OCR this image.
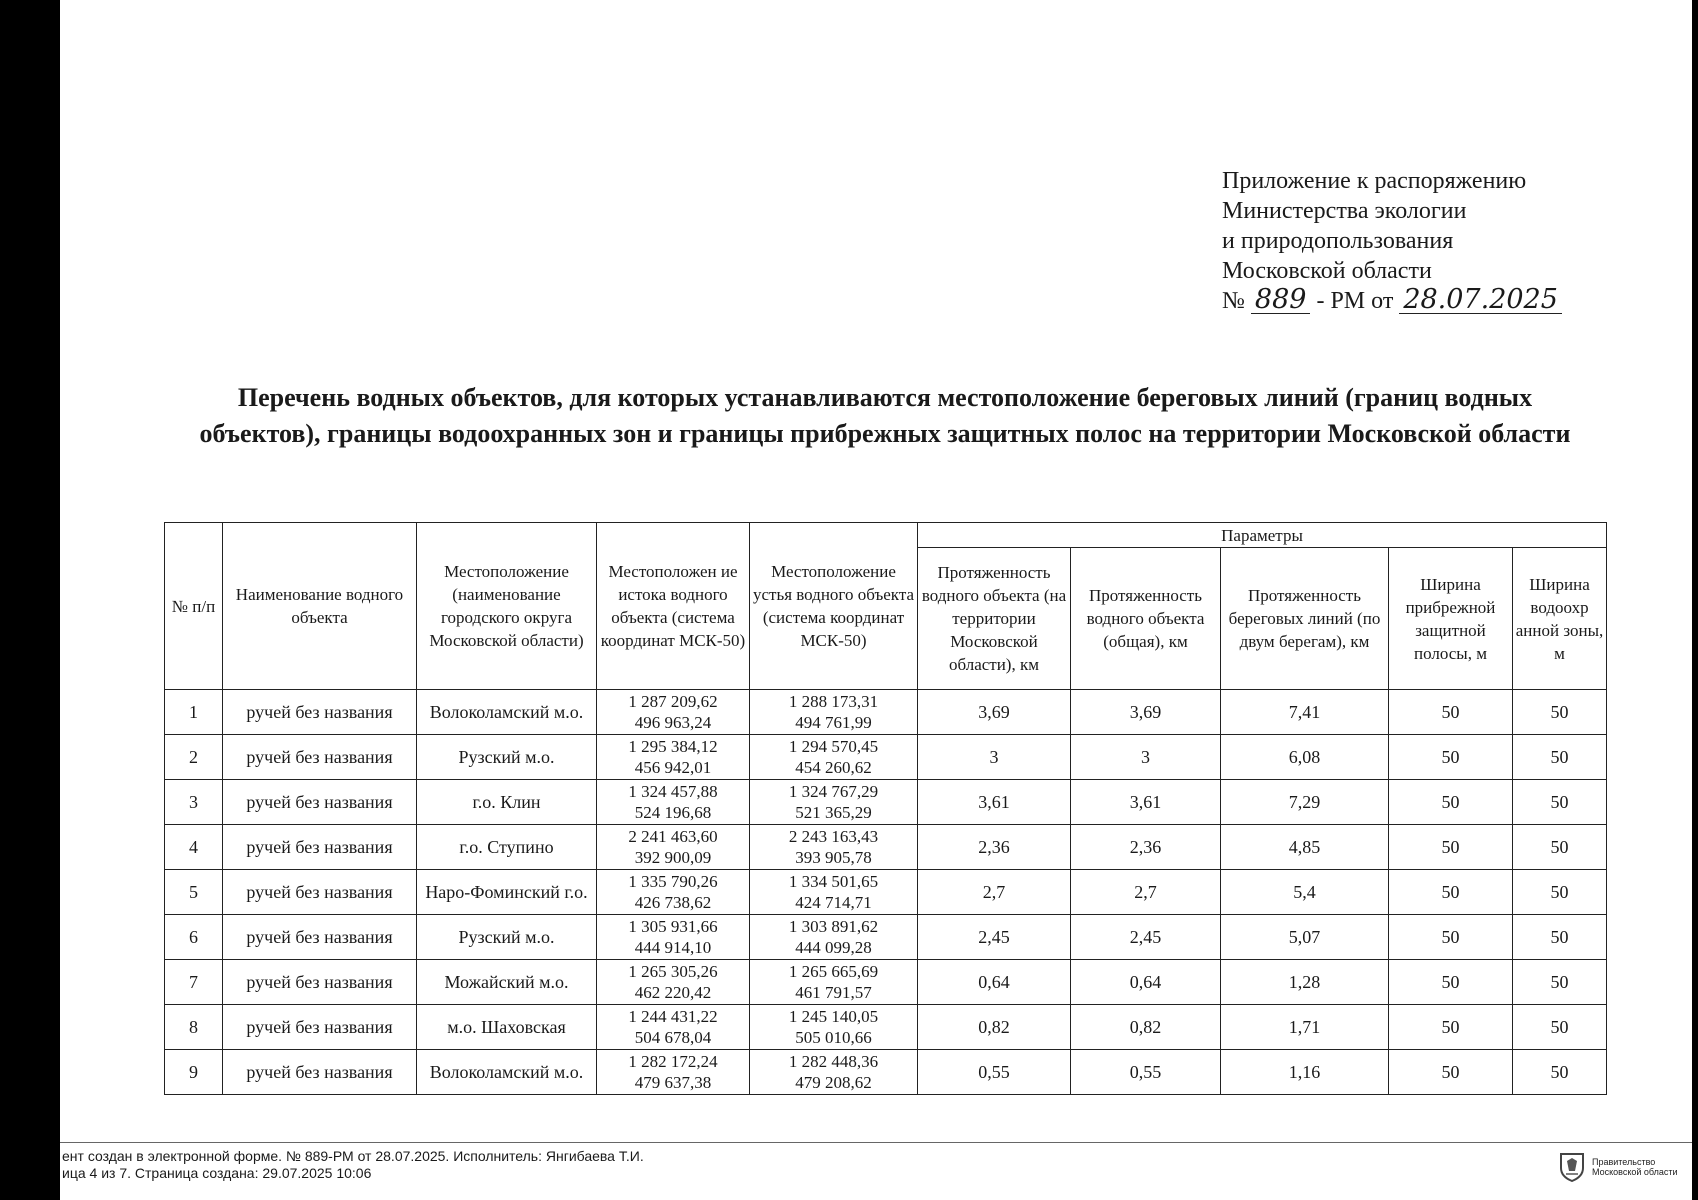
Приложение к распоряжению
Министерства экологии
и природопользования
Московской области
№ 889 - РМ от 28.07.2025
Перечень водных объектов, для которых устанавливаются местоположение береговых линий (границ водных объектов), границы водоохранных зон и границы прибрежных защитных полос на территории Московской области
№ п/п	Наименование водного объекта	Местоположение (наименование городского округа Московской области)	Местоположен ие истока водного объекта (система координат МСК-50)	Местоположение устья водного объекта (система координат МСК-50)	Параметры				
					Протяженность водного объекта (на территории Московской области), км	Протяженность водного объекта (общая), км	Протяженность береговых линий (по двум берегам), км	Ширина прибрежной защитной полосы, м	Ширина водоохр анной зоны, м
1	ручей без названия	Волоколамский м.о.	1 287 209,62
496 963,24	1 288 173,31
494 761,99	3,69	3,69	7,41	50	50
2	ручей без названия	Рузский м.о.	1 295 384,12
456 942,01	1 294 570,45
454 260,62	3	3	6,08	50	50
3	ручей без названия	г.о. Клин	1 324 457,88
524 196,68	1 324 767,29
521 365,29	3,61	3,61	7,29	50	50
4	ручей без названия	г.о. Ступино	2 241 463,60
392 900,09	2 243 163,43
393 905,78	2,36	2,36	4,85	50	50
5	ручей без названия	Наро-Фоминский г.о.	1 335 790,26
426 738,62	1 334 501,65
424 714,71	2,7	2,7	5,4	50	50
6	ручей без названия	Рузский м.о.	1 305 931,66
444 914,10	1 303 891,62
444 099,28	2,45	2,45	5,07	50	50
7	ручей без названия	Можайский м.о.	1 265 305,26
462 220,42	1 265 665,69
461 791,57	0,64	0,64	1,28	50	50
8	ручей без названия	м.о. Шаховская	1 244 431,22
504 678,04	1 245 140,05
505 010,66	0,82	0,82	1,71	50	50
9	ручей без названия	Волоколамский м.о.	1 282 172,24
479 637,38	1 282 448,36
479 208,62	0,55	0,55	1,16	50	50
ент создан в электронной форме. № 889-РМ от 28.07.2025. Исполнитель: Янгибаева Т.И.
ица 4 из 7. Страница создана: 29.07.2025 10:06
Правительство
Московской области
